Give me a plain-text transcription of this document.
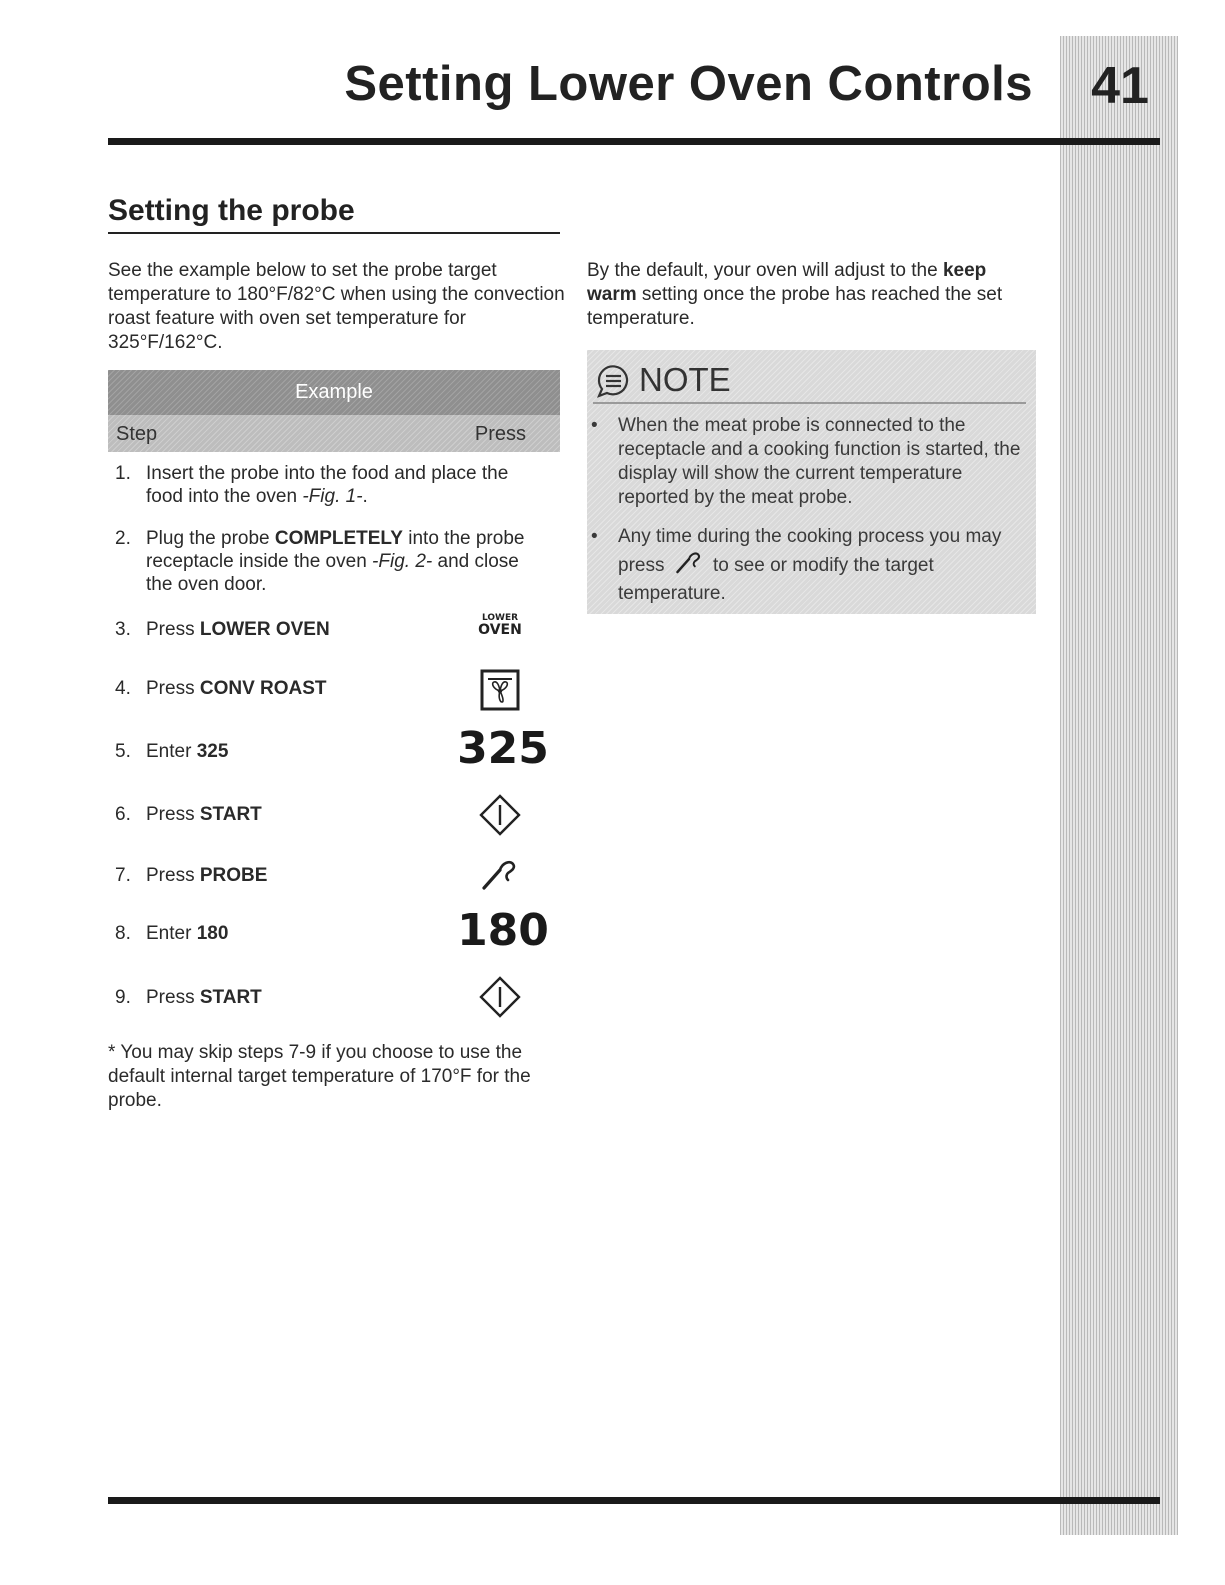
Setting Lower Oven Controls	41
Setting the probe

See the example below to set the probe target temperature to 180°F/82°C when using the convection roast feature with oven set temperature for 325°F/162°C.

Example
Step	Press
1. Insert the probe into the food and place the food into the oven -Fig. 1-.
2. Plug the probe COMPLETELY into the probe receptacle inside the oven -Fig. 2- and close the oven door.
3. Press LOWER OVEN
LOWER
OVEN
4. Press CONV ROAST
5. Enter 325	325
6. Press START
7. Press PROBE
8. Enter 180	180
9. Press START

* You may skip steps 7-9 if you choose to use the default internal target temperature of 170°F for the probe.

By the default, your oven will adjust to the keep warm setting once the probe has reached the set temperature.

NOTE
•	When the meat probe is connected to the receptacle and a cooking function is started, the display will show the current temperature reported by the meat probe.
•	Any time during the cooking process you may press  to see or modify the target temperature.
